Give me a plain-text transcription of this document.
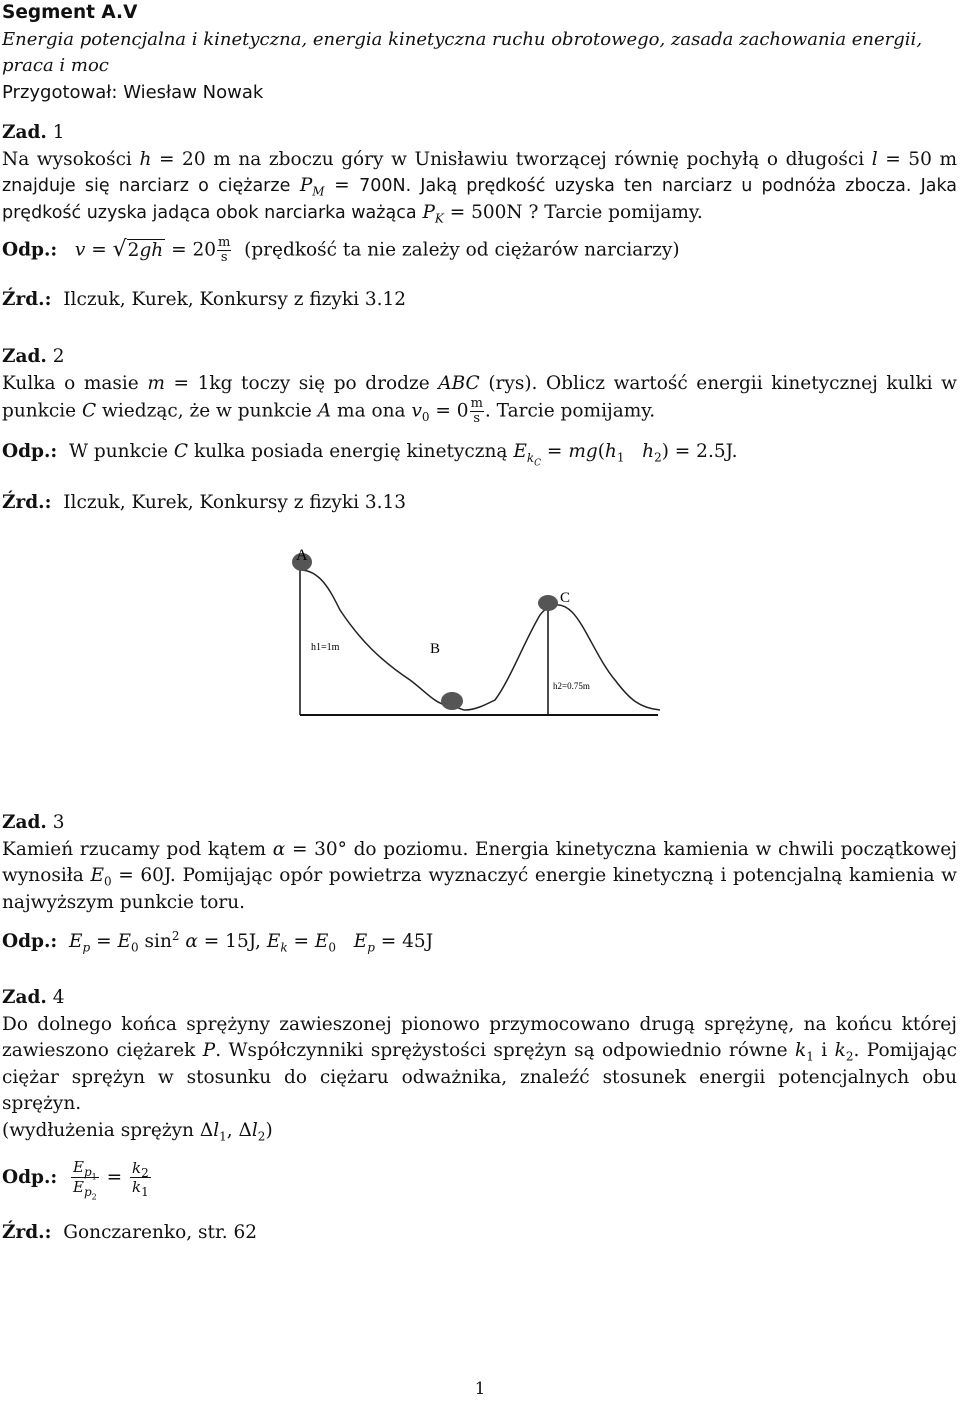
Segment A.V
Energia potencjalna i kinetyczna, energia kinetyczna ruchu obrotowego, zasada zachowania energii,
praca i moc
Przygotował: Wiesław Nowak
Zad. 1
Na wysokości h = 20 m na zboczu góry w Unisławiu tworzącej równię pochyłą o długości l = 50 m
znajduje się narciarz o ciężarze $P_M = 700N$. Jaką prędkość uzyska ten narciarz u podnóża zbocza. Jaka
prędkość uzyska jadąca obok narciarka ważąca $P_K = 500N$ ? Tarcie pomijamy.
Odp.: $v = √2gh = 20 \frac{m}{s}$ (prędkość ta nie zależy od ciężarów narciarzy)
Źrd.: Ilczuk, Kurek, Konkursy z fizyki 3.12
Zad. 2
Kulka o masie m = 1kg toczy się po drodze ABC (rys). Oblicz wartość energii kinetycznej kulki w
punkcie C wiedząc, że w punkcie A ma ona $v_0 = 0 \frac{m}{s}$ . Tarcie pomijamy.
Odp.:  W punkcie C kulka posiada energię kinetyczną $E_{k_C} = mg(h_1$ $h_2) = 2.5J$.
Źrd.: Ilczuk, Kurek, Konkursy z fizyki 3.13
A
B
C
h1=1m
h2=0.75m
Zad. 3
Kamień rzucamy pod kątem α = 30° do poziomu. Energia kinetyczna kamienia w chwili początkowej
wynosiła $E_0 = 60J$. Pomijając opór powietrza wyznaczyć energie kinetyczną i potencjalną kamienia w
najwyższym punkcie toru.
Odp.: $E_p = E_0$ $\sin^2 \alpha = 15J$, $E_k = E_0$ $E_p = 45J$
Zad. 4
Do dolnego końca sprężyny zawieszonej pionowo przymocowano drugą sprężynę, na końcu której
zawieszono ciężarek P. Współczynniki sprężystości sprężyn są odpowiednio równe $k_1$ i $k_2$. Pomijając
ciężar sprężyn w stosunku do ciężaru odważnika, znaleźć stosunek energii potencjalnych obu sprężyn.
(wydłużenia sprężyn $\Delta l_1$, $\Delta l_2$)
Odp.: $\frac{E_{p_1}}{E_{p_2}} = \frac{k_2}{k_1}$
Źrd.: Gonczarenko, str. 62
1
